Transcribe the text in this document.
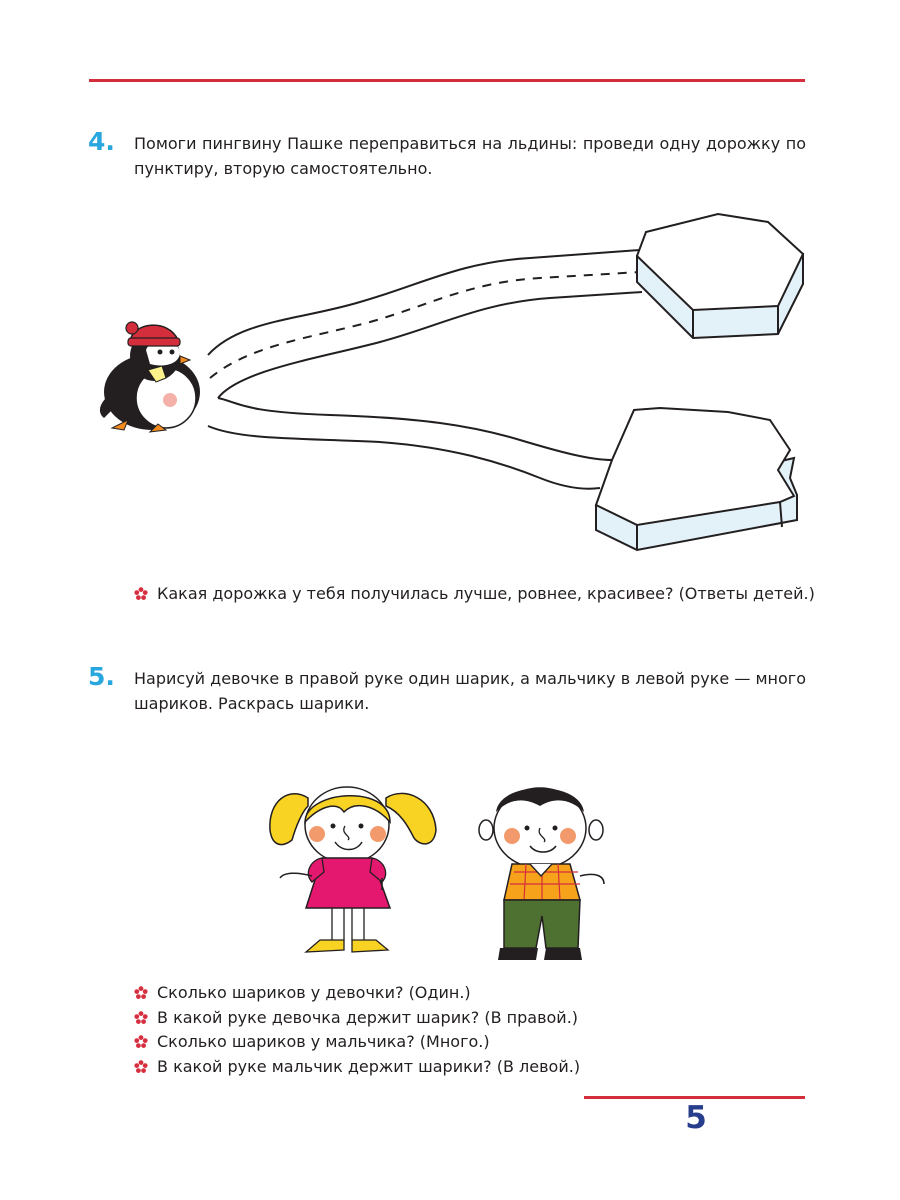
4. Помоги пингвину Пашке переправиться на льдины: проведи одну дорожку по пунктиру, вторую самостоятельно.
Какая дорожка у тебя получилась лучше, ровнее, красивее? (Ответы детей.)
5. Нарисуй девочке в правой руке один шарик, а мальчику в левой руке — много шариков. Раскрась шарики.
Сколько шариков у девочки? (Один.)
В какой руке девочка держит шарик? (В правой.)
Сколько шариков у мальчика? (Много.)
В какой руке мальчик держит шарики? (В левой.)
5
